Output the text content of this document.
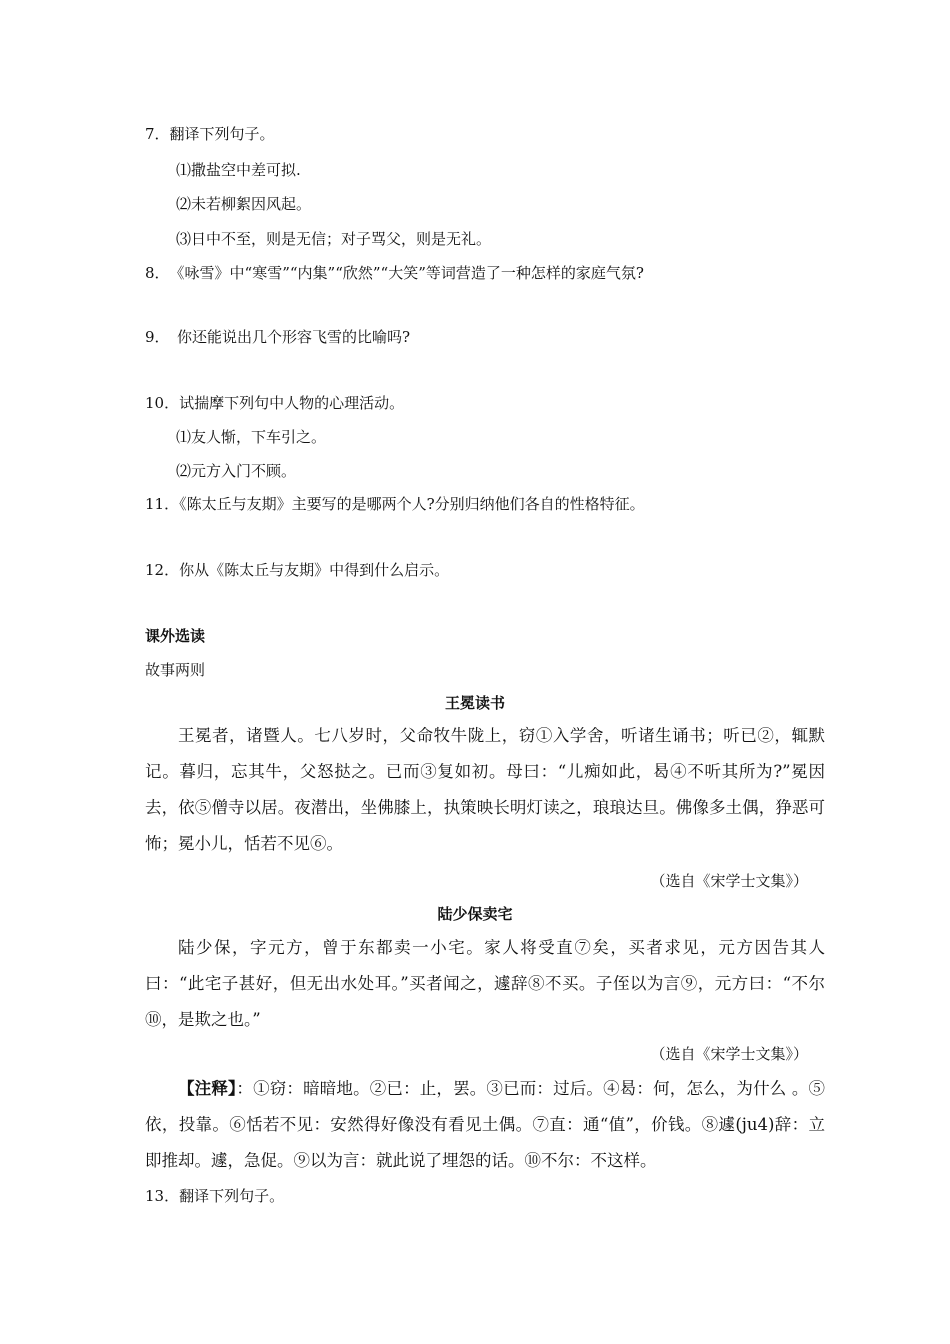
7．翻译下列句子。
⑴撒盐空中差可拟.
⑵未若柳絮因风起。
⑶日中不至，则是无信；对子骂父，则是无礼。
8．　《咏雪》中“寒雪”“内集”“欣然”“大笑”等词营造了一种怎样的家庭气氛?
9．　你还能说出几个形容飞雪的比喻吗?
10．试揣摩下列句中人物的心理活动。
⑴友人惭，下车引之。
⑵元方入门不顾。
11．《陈太丘与友期》主要写的是哪两个人?分别归纳他们各自的性格特征。
12．你从《陈太丘与友期》中得到什么启示。
课外选读
故事两则
王冕读书

王冕者，诸暨人。七八岁时，父命牧牛陇上，窃①入学舍，听诸生诵书；听已②，辄默记。暮归，忘其牛，父怒挞之。已而③复如初。母曰：“儿痴如此，曷④不听其所为?”冕因去，依⑤僧寺以居。夜潜出，坐佛膝上，执策映长明灯读之，琅琅达旦。佛像多土偶，狰恶可怖；冕小儿，恬若不见⑥。

（选自《宋学士文集》）
陆少保卖宅

陆少保，字元方，曾于东都卖一小宅。家人将受直⑦矣，买者求见，元方因告其人曰：“此宅子甚好，但无出水处耳。”买者闻之，遽辞⑧不买。子侄以为言⑨，元方曰：“不尔⑩，是欺之也。”

（选自《宋学士文集》）

【注释】：①窃：暗暗地。②已：止，罢。③已而：过后。④曷：何，怎么，为什么 。⑤依，投靠。⑥恬若不见：安然得好像没有看见土偶。⑦直：通“值”，价钱。⑧遽(ju4)辞：立即推却。遽，急促。⑨以为言：就此说了埋怨的话。⑩不尔：不这样。

13．翻译下列句子。
